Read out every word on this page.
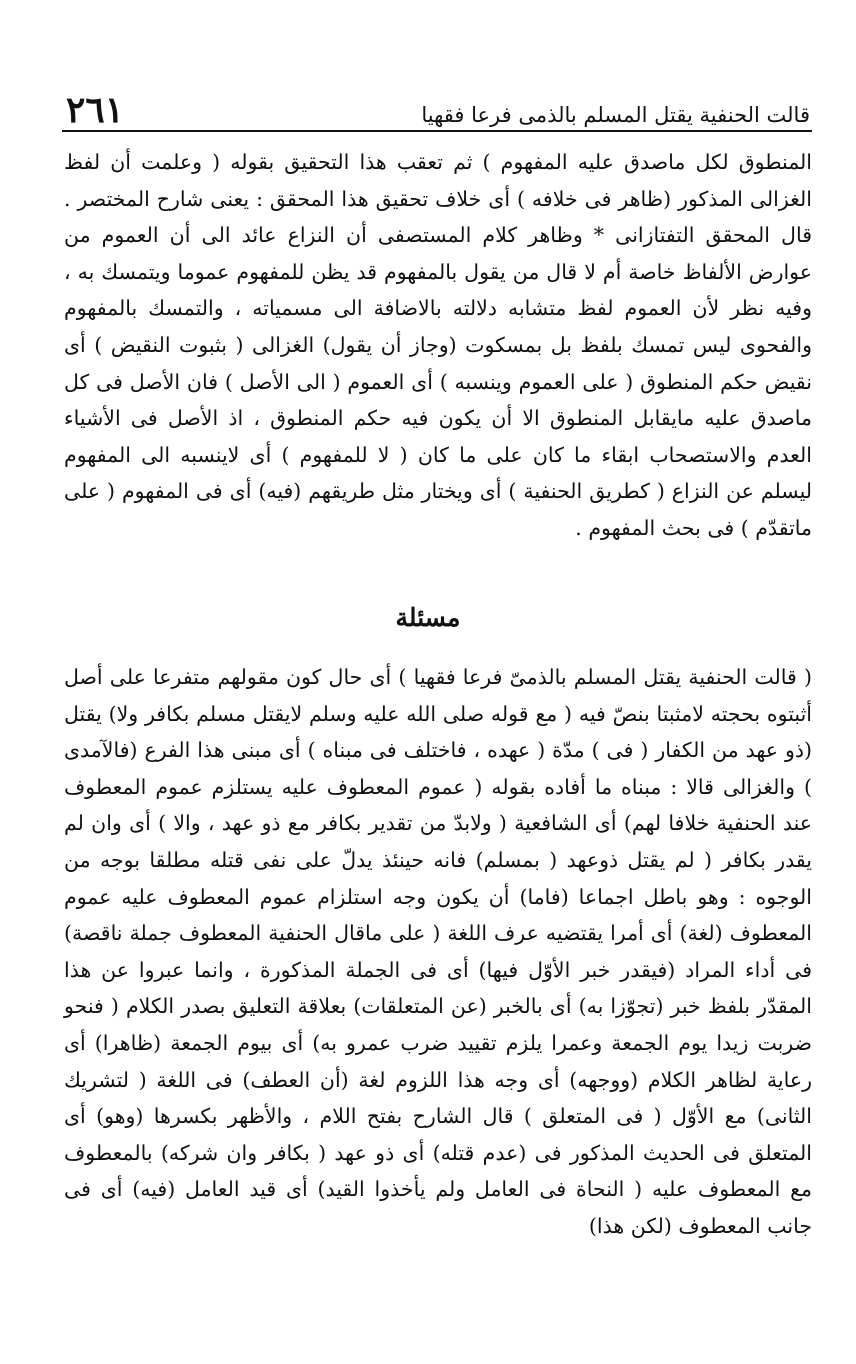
٢٦١	قالت الحنفية يقتل المسلم بالذمى فرعا فقهيا

المنطوق لكل ماصدق عليه المفهوم ) ثم تعقب هذا التحقيق بقوله ( وعلمت أن لفظ الغزالى المذكور (ظاهر فى خلافه ) أى خلاف تحقيق هذا المحقق : يعنى شارح المختصر . قال المحقق التفتازانى * وظاهر كلام المستصفى أن النزاع عائد الى أن العموم من عوارض الألفاظ خاصة أم لا قال من يقول بالمفهوم قد يظن للمفهوم عموما ويتمسك به ، وفيه نظر لأن العموم لفظ متشابه دلالته بالاضافة الى مسمياته ، والتمسك بالمفهوم والفحوى ليس تمسك بلفظ بل بمسكوت (وجاز أن يقول) الغزالى ( بثبوت النقيض ) أى نقيض حكم المنطوق ( على العموم وينسبه ) أى العموم ( الى الأصل ) فان الأصل فى كل ماصدق عليه مايقابل المنطوق الا أن يكون فيه حكم المنطوق ، اذ الأصل فى الأشياء العدم والاستصحاب ابقاء ما كان على ما كان ( لا للمفهوم ) أى لاينسبه الى المفهوم ليسلم عن النزاع ( كطريق الحنفية ) أى ويختار مثل طريقهم (فيه) أى فى المفهوم ( على ماتقدّم ) فى بحث المفهوم .

مسئلة

( قالت الحنفية يقتل المسلم بالذمىّ فرعا فقهيا ) أى حال كون مقولهم متفرعا على أصل أثبتوه بحجته لامثبتا بنصّ فيه ( مع قوله صلى الله عليه وسلم لايقتل مسلم بكافر ولا) يقتل (ذو عهد من الكفار ( فى ) مدّة ( عهده ، فاختلف فى مبناه ) أى مبنى هذا الفرع (فالآمدى ) والغزالى قالا : مبناه ما أفاده بقوله ( عموم المعطوف عليه يستلزم عموم المعطوف عند الحنفية خلافا لهم) أى الشافعية ( ولابدّ من تقدير بكافر مع ذو عهد ، والا ) أى وان لم يقدر بكافر ( لم يقتل ذوعهد ( بمسلم) فانه حينئذ يدلّ على نفى قتله مطلقا بوجه من الوجوه : وهو باطل اجماعا (فاما) أن يكون وجه استلزام عموم المعطوف عليه عموم المعطوف (لغة) أى أمرا يقتضيه عرف اللغة ( على ماقال الحنفية المعطوف جملة ناقصة) فى أداء المراد (فيقدر خبر الأوّل فيها) أى فى الجملة المذكورة ، وانما عبروا عن هذا المقدّر بلفظ خبر (تجوّزا به) أى بالخبر (عن المتعلقات) بعلاقة التعليق بصدر الكلام ( فنحو ضربت زيدا يوم الجمعة وعمرا يلزم تقييد ضرب عمرو به) أى بيوم الجمعة (ظاهرا) أى رعاية لظاهر الكلام (ووجهه) أى وجه هذا اللزوم لغة (أن العطف) فى اللغة ( لتشريك الثانى) مع الأوّل ( فى المتعلق ) قال الشارح بفتح اللام ، والأظهر بكسرها (وهو) أى المتعلق فى الحديث المذكور فى (عدم قتله) أى ذو عهد ( بكافر وان شركه) بالمعطوف مع المعطوف عليه ( النحاة فى العامل ولم يأخذوا القيد) أى قيد العامل (فيه) أى فى جانب المعطوف (لكن هذا)
